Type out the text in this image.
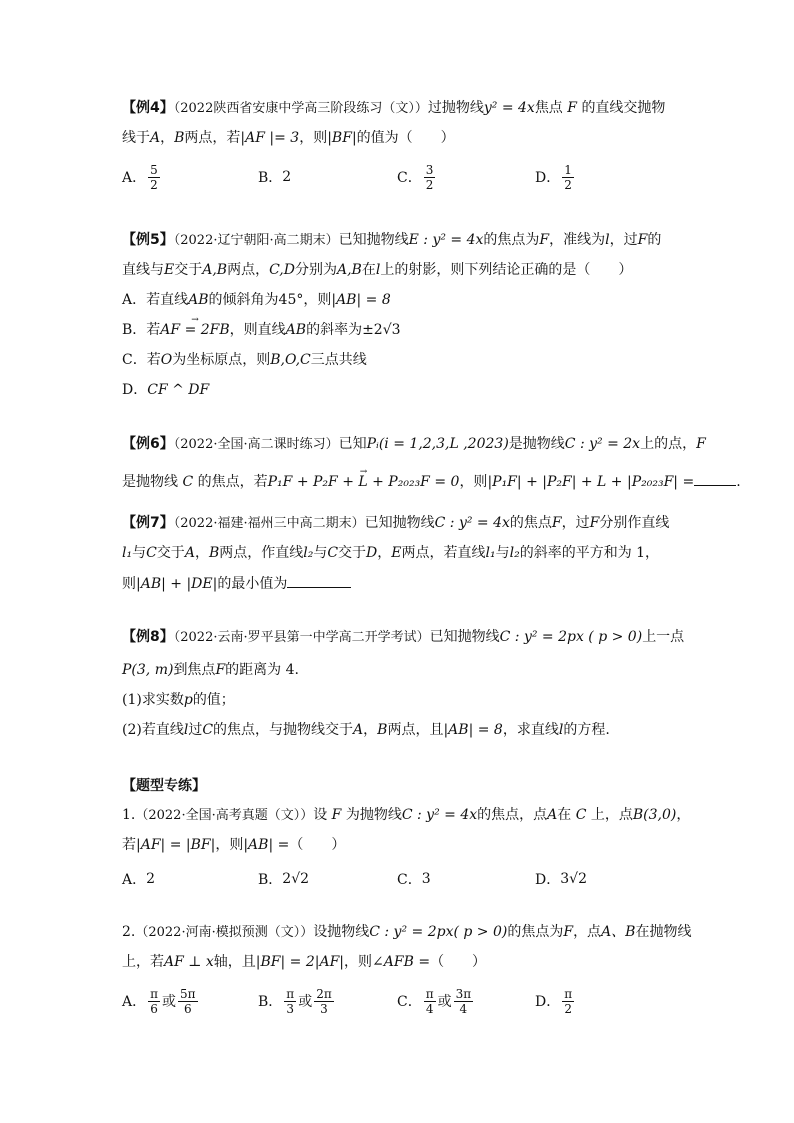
【例4】（2022陕西省安康中学高三阶段练习（文））过抛物线y² = 4x焦点 F 的直线交抛物
线于A，B两点，若|AF |= 3，则|BF|的值为（　　）
A． $\frac{5}{2}$	B． 2	C． $\frac{3}{2}$	D． $\frac{1}{2}$
【例5】（2022·辽宁朝阳·高二期末）已知抛物线E : y² = 4x的焦点为F，准线为l，过F的
直线与E交于A,B两点，C,D分别为A,B在l上的射影，则下列结论正确的是（　　）
A．若直线AB的倾斜角为45°，则|AB| = 8
B．若→ AF = 2FB，则直线AB的斜率为±2√3
C．若O为坐标原点，则B,O,C三点共线
D．CF ^ DF
【例6】（2022·全国·高二课时练习）已知Pᵢ(i = 1,2,3,L ,2023)是抛物线C : y² = 2x上的点，F
是抛物线 C 的焦点，若→ P₁F + P₂F + L + P₂₀₂₃F = 0，则|P₁F| + |P₂F| + L + |P₂₀₂₃F| =	.
【例7】（2022·福建·福州三中高二期末）已知抛物线C : y² = 4x的焦点F，过F分别作直线
l₁与C交于A，B两点，作直线l₂与C交于D，E两点，若直线l₁与l₂的斜率的平方和为 1，
则|AB| + |DE|的最小值为
【例8】（2022·云南·罗平县第一中学高二开学考试）已知抛物线C : y² = 2px ( p > 0)上一点
P(3, m)到焦点F的距离为 4.
(1)求实数p的值；
(2)若直线l过C的焦点，与抛物线交于A，B两点，且|AB| = 8，求直线l的方程.
【题型专练】
1.（2022·全国·高考真题（文））设 F 为抛物线C : y² = 4x的焦点，点A在 C 上，点B(3,0)，
若|AF| = |BF|，则|AB| =（　　）
A． 2	B． 2√2	C． 3	D． 3√2
2.（2022·河南·模拟预测（文））设抛物线C : y² = 2px( p > 0)的焦点为F，点A、B在抛物线
上，若AF ⊥ x轴，且|BF| = 2|AF|，则∠AFB =（　　）
A． $\frac{\pi}{6}$ 或 $\frac{5\pi}{6}$	B． $\frac{\pi}{3}$ 或 $\frac{2\pi}{3}$	C． $\frac{\pi}{4}$ 或 $\frac{3\pi}{4}$	D． $\frac{\pi}{2}$
